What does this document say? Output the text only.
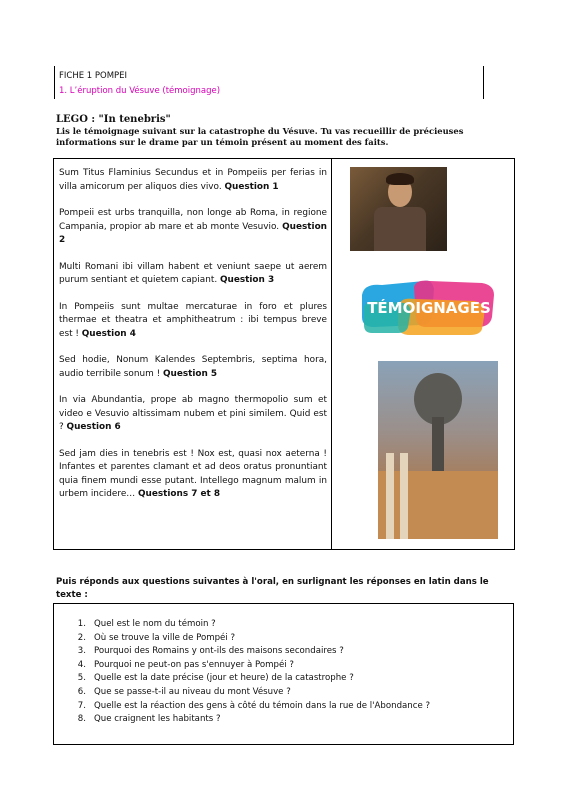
FICHE 1 POMPEI
1. L’éruption du Vésuve (témoignage)
LEGO : "In tenebris"
Lis le témoignage suivant sur la catastrophe du Vésuve. Tu vas recueillir de précieuses informations sur le drame par un témoin présent au moment des faits.

Sum Titus Flaminius Secundus et in Pompeiis per ferias in villa amicorum per aliquos dies vivo. Question 1

Pompeii est urbs tranquilla, non longe ab Roma, in regione Campania, propior ab mare et ab monte Vesuvio. Question 2

Multi Romani ibi villam habent et veniunt saepe ut aerem purum sentiant et quietem capiant. Question 3

In Pompeiis sunt multae mercaturae in foro et plures thermae et theatra et amphitheatrum : ibi tempus breve est ! Question 4

Sed hodie, Nonum Kalendes Septembris, septima hora, audio terribile sonum ! Question 5

In via Abundantia, prope ab magno thermopolio sum et video e Vesuvio altissimam nubem et pini similem. Quid est ? Question 6

Sed jam dies in tenebris est ! Nox est, quasi nox aeterna ! Infantes et parentes clamant et ad deos oratus pronuntiant quia finem mundi esse putant. Intellego magnum malum in urbem incidere… Questions 7 et 8

TÉMOIGNAGES
Puis réponds aux questions suivantes à l'oral, en surlignant les réponses en latin dans le texte :
1. Quel est le nom du témoin ?
2. Où se trouve la ville de Pompéi ?
3. Pourquoi des Romains y ont-ils des maisons secondaires ?
4. Pourquoi ne peut-on pas s'ennuyer à Pompéi ?
5. Quelle est la date précise (jour et heure) de la catastrophe ?
6. Que se passe-t-il au niveau du mont Vésuve ?
7. Quelle est la réaction des gens à côté du témoin dans la rue de l'Abondance ?
8. Que craignent les habitants ?
